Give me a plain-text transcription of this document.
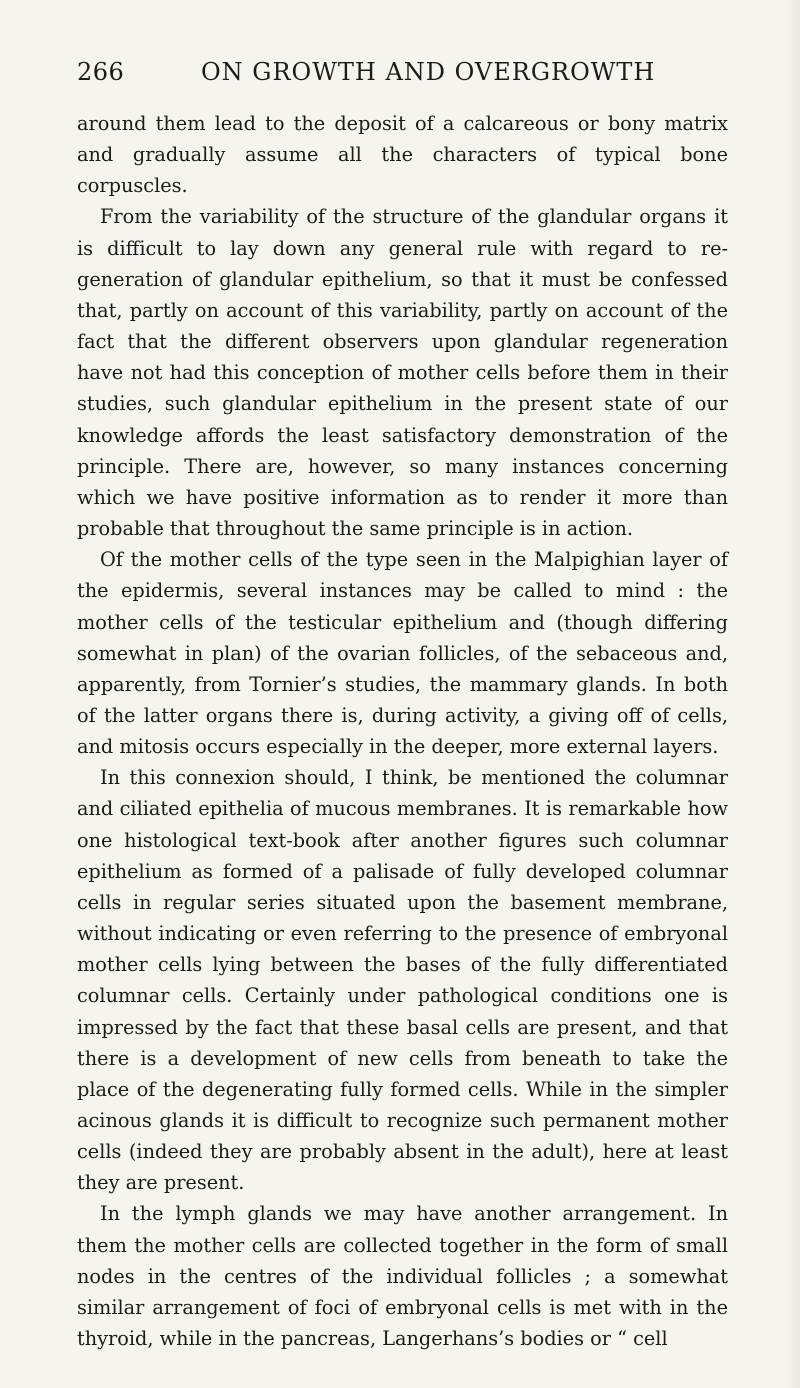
266	ON GROWTH AND OVERGROWTH

around them lead to the deposit of a calcareous or bony matrix and gradually assume all the characters of typical bone corpuscles.

From the variability of the structure of the glandular organs it is difficult to lay down any general rule with regard to re-generation of glandular epithelium, so that it must be confessed that, partly on account of this variability, partly on account of the fact that the different observers upon glandular regeneration have not had this conception of mother cells before them in their studies, such glandular epithelium in the present state of our knowledge affords the least satisfactory demonstration of the principle. There are, however, so many instances concerning which we have positive information as to render it more than probable that throughout the same principle is in action.

Of the mother cells of the type seen in the Malpighian layer of the epidermis, several instances may be called to mind : the mother cells of the testicular epithelium and (though differing somewhat in plan) of the ovarian follicles, of the sebaceous and, apparently, from Tornier’s studies, the mammary glands. In both of the latter organs there is, during activity, a giving off of cells, and mitosis occurs especially in the deeper, more external layers.

In this connexion should, I think, be mentioned the columnar and ciliated epithelia of mucous membranes. It is remarkable how one histological text-book after another figures such columnar epithelium as formed of a palisade of fully developed columnar cells in regular series situated upon the basement membrane, without indicating or even referring to the presence of embryonal mother cells lying between the bases of the fully differentiated columnar cells. Certainly under pathological conditions one is impressed by the fact that these basal cells are present, and that there is a development of new cells from beneath to take the place of the degenerating fully formed cells. While in the simpler acinous glands it is difficult to recognize such permanent mother cells (indeed they are probably absent in the adult), here at least they are present.

In the lymph glands we may have another arrangement. In them the mother cells are collected together in the form of small nodes in the centres of the individual follicles ; a somewhat similar arrangement of foci of embryonal cells is met with in the thyroid, while in the pancreas, Langerhans’s bodies or “ cell
